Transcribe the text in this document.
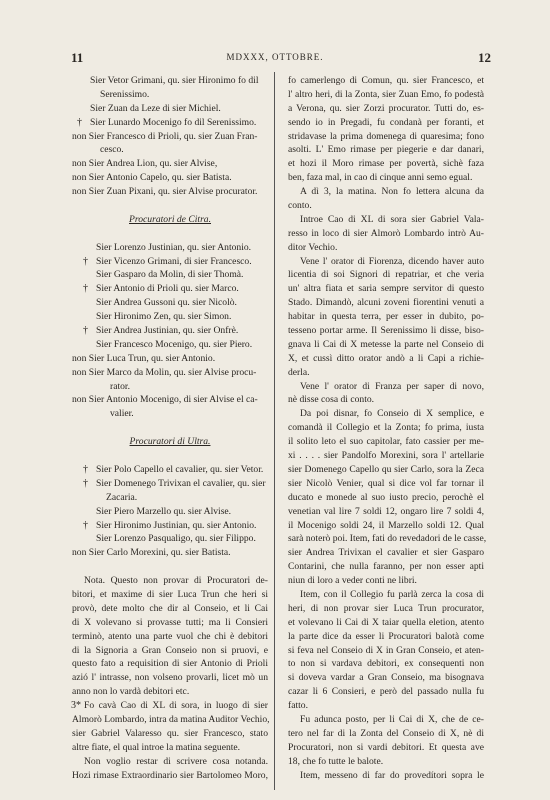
11	MDXXX, OTTOBRE.	12
Sier Vetor Grimani, qu. sier Hironimo fo dil
Serenissimo.
Sier Zuan da Leze di sier Michiel.
† Sier Lunardo Mocenigo fo dil Serenissimo.
non Sier Francesco di Prioli, qu. sier Zuan Fran-
cesco.
non Sier Andrea Lion, qu. sier Alvise,
non Sier Antonio Capelo, qu. sier Batista.
non Sier Zuan Pixani, qu. sier Alvise procurator.
Procuratori de Citra.
Sier Lorenzo Justinian, qu. sier Antonio.
† Sier Vicenzo Grimani, di sier Francesco.
Sier Gasparo da Molin, di sier Thomà.
† Sier Antonio di Prioli qu. sier Marco.
Sier Andrea Gussoni qu. sier Nicolò.
Sier Hironimo Zen, qu. sier Simon.
† Sier Andrea Justinian, qu. sier Onfrè.
Sier Francesco Mocenigo, qu. sier Piero.
non Sier Luca Trun, qu. sier Antonio.
non Sier Marco da Molin, qu. sier Alvise procu-
rator.
non Sier Antonio Mocenigo, di sier Alvise el ca-
valier.
Procuratori di Ultra.
† Sier Polo Capello el cavalier, qu. sier Vetor.
† Sier Domenego Trivixan el cavalier, qu. sier
Zacaria.
Sier Piero Marzello qu. sier Alvise.
† Sier Hironimo Justinian, qu. sier Antonio.
Sier Lorenzo Pasqualigo, qu. sier Filippo.
non Sier Carlo Morexini, qu. sier Batista.
Nota. Questo non provar di Procuratori de-
bitori, et maxime di sier Luca Trun che heri si
provò, dete molto che dir al Conseio, et li Cai
di X volevano si provasse tutti; ma li Consieri
terminò, atento una parte vuol che chi è debitori
di la Signoria a Gran Conseio non si pruovi, e
questo fato a requisition di sier Antonio di Prioli
azió l' intrasse, non volseno provarli, licet mò un
anno non lo vardà debitori etc.
3* Fo cavà Cao di XL di sora, in luogo di sier
Almorò Lombardo, intra da matina Auditor Vechio,
sier Gabriel Valaresso qu. sier Francesco, stato
altre fiate, el qual introe la matina seguente.
Non voglio restar di scrivere cosa notanda.
Hozi rimase Extraordinario sier Bartolomeo Moro,
fo camerlengo di Comun, qu. sier Francesco, et
l' altro heri, di la Zonta, sier Zuan Emo, fo podestà
a Verona, qu. sier Zorzi procurator. Tutti do, es-
sendo io in Pregadi, fu condanà per foranti, et
stridavase la prima domenega di quaresima; fono
asolti. L' Emo rimase per piegerie e dar danari,
et hozi il Moro rimase per povertà, sichè faza
ben, faza mal, in cao di cinque anni semo egual.
A dì 3, la matina. Non fo lettera alcuna da
conto.
Introe Cao di XL di sora sier Gabriel Vala-
resso in loco di sier Almorò Lombardo intrò Au-
ditor Vechio.
Vene l' orator di Fiorenza, dicendo haver auto
licentia di soi Signori di repatriar, et che veria
un' altra fiata et saria sempre servitor di questo
Stado. Dimandò, alcuni zoveni fiorentini venuti a
habitar in questa terra, per esser in dubito, po-
tesseno portar arme. Il Serenissimo li disse, biso-
gnava li Cai di X metesse la parte nel Conseio di
X, et cussì ditto orator andò a li Capi a richie-
derla.
Vene l' orator di Franza per saper di novo,
nè disse cosa di conto.
Da poi disnar, fo Conseio di X semplice, e
comandà il Collegio et la Zonta; fo prima, iusta
il solito leto el suo capitolar, fato cassier per me-
xi . . . . sier Pandolfo Morexini, sora l' artellarie
sier Domenego Capello qu sier Carlo, sora la Zeca
sier Nicolò Venier, qual si dice vol far tornar il
ducato e monede al suo iusto precio, perochè el
venetian val lire 7 soldi 12, ongaro lire 7 soldi 4,
il Mocenigo soldi 24, il Marzello soldi 12. Qual
sarà noterò poi. Item, fati do revedadori de le casse,
sier Andrea Trivixan el cavalier et sier Gasparo
Contarini, che nulla faranno, per non esser apti
niun di loro a veder conti ne libri.
Item, con il Collegio fu parlà zerca la cosa di
heri, di non provar sier Luca Trun procurator,
et volevano li Cai di X taiar quella eletion, atento
la parte dice da esser li Procuratori balotà come
si feva nel Conseio di X in Gran Conseio, et aten-
to non si vardava debitori, ex consequenti non
si doveva vardar a Gran Conseio, ma bisognava
cazar li 6 Consieri, e però del passado nulla fu
fatto.
Fu adunca posto, per li Cai di X, che de ce-
tero nel far di la Zonta del Conseio di X, nè di
Procuratori, non si vardi debitori. Et questa ave
18, che fo tutte le balote.
Item, messeno di far do provedítori sopra le
